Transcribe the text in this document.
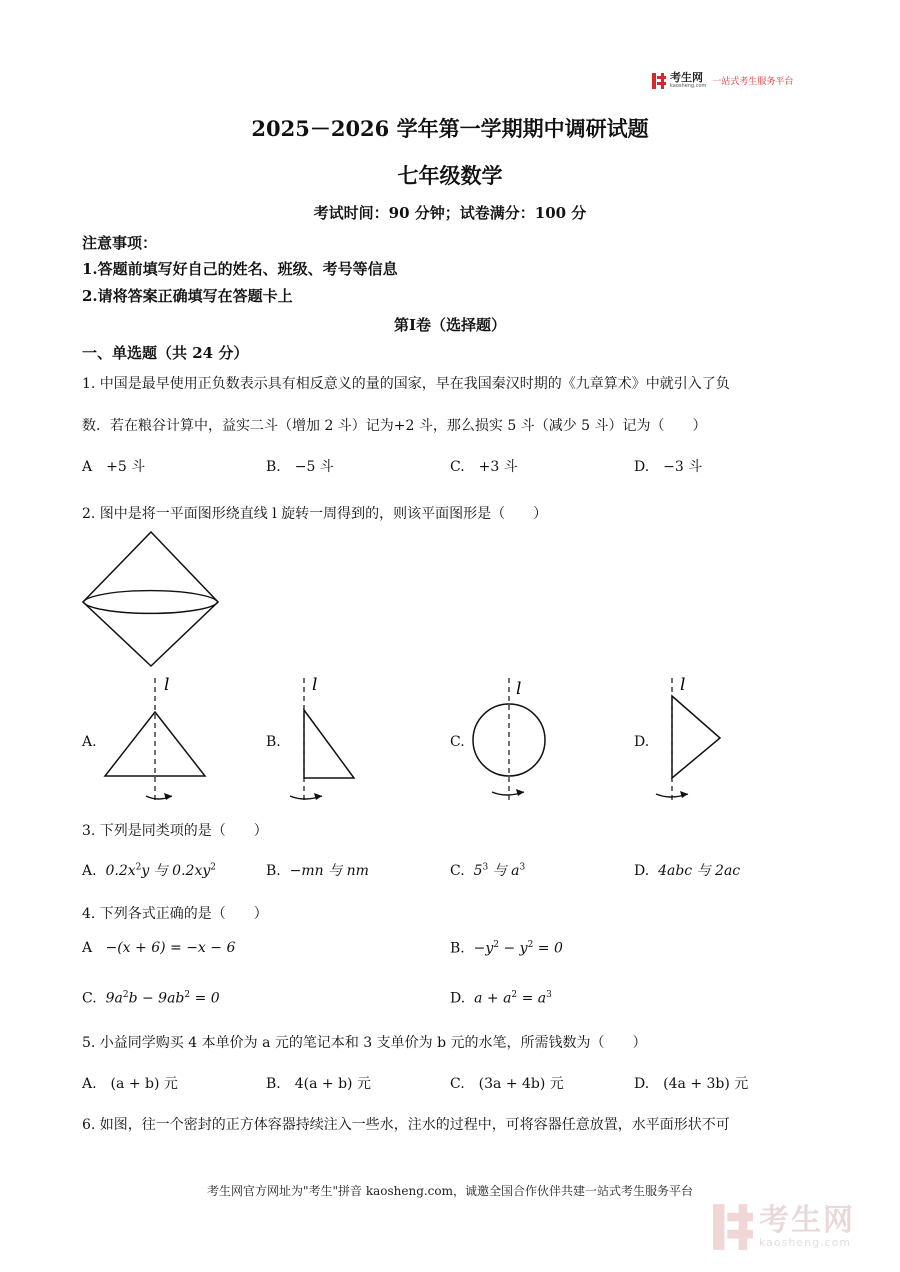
考生网
kaosheng.com 一站式考生服务平台
2025－2026 学年第一学期期中调研试题
七年级数学
考试时间：90 分钟；试卷满分：100 分
注意事项：
1.答题前填写好自己的姓名、班级、考号等信息
2.请将答案正确填写在答题卡上
第Ⅰ卷（选择题）
一、单选题（共 24 分）
1. 中国是最早使用正负数表示具有相反意义的量的国家，早在我国秦汉时期的《九章算术》中就引入了负
数．若在粮谷计算中，益实二斗（增加 2 斗）记为+2 斗，那么损实 5 斗（减少 5 斗）记为（　　）
A　+5 斗	B.　−5 斗	C.　+3 斗	D.　−3 斗
2. 图中是将一平面图形绕直线 l 旋转一周得到的，则该平面图形是（　　）
A.
l
B.
l
C.
l
D.
l
3. 下列是同类项的是（　　）
A. $0.2x^2y$ 与 $0.2xy^2$	B. −mn 与 nm	C. $5^3$ 与 $a^3$	D. 4abc 与 2ac
4. 下列各式正确的是（　　）
A −(x + 6) = −x − 6	B. $-y^2 - y^2 = 0$
C. $9a^2b - 9ab^2 = 0$	D. $a + a^2 = a^3$
5. 小益同学购买 4 本单价为 a 元的笔记本和 3 支单价为 b 元的水笔，所需钱数为（　　）
A.　(a + b) 元	B.　4(a + b) 元	C.　(3a + 4b) 元	D.　(4a + 3b) 元
6. 如图，往一个密封的正方体容器持续注入一些水，注水的过程中，可将容器任意放置，水平面形状不可
考生网官方网址为"考生"拼音 kaosheng.com，诚邀全国合作伙伴共建一站式考生服务平台
考生网
kaosheng.com
